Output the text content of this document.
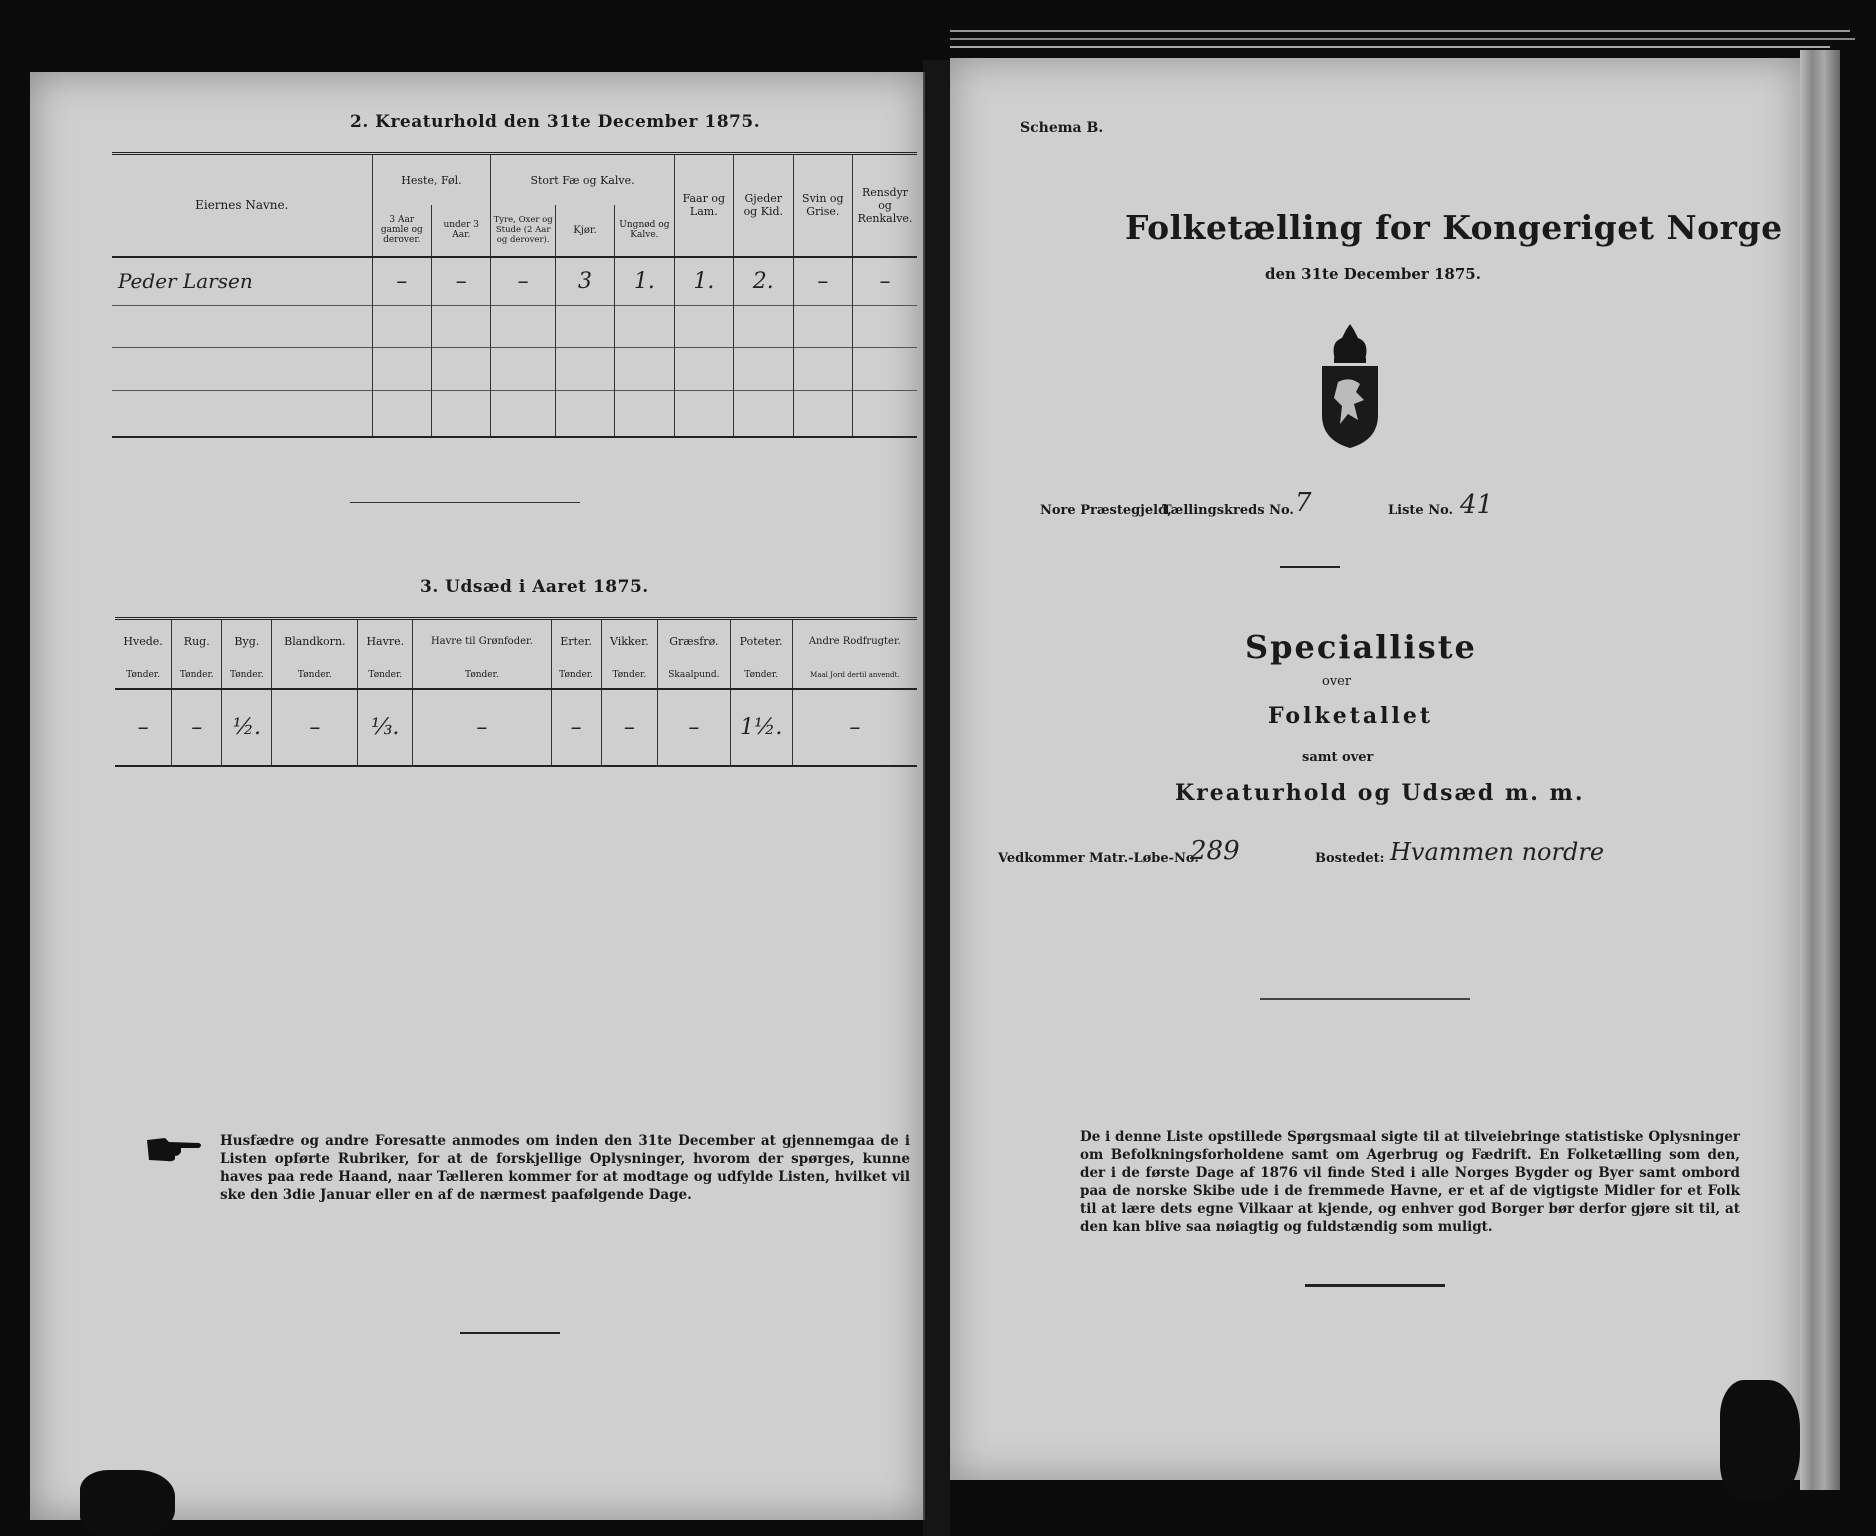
2. Kreaturhold den 31te December 1875.
Eiernes Navne.	Heste, Føl.		Stort Fæ og Kalve.			Faar og Lam.	Gjeder og Kid.	Svin og Grise.	Rensdyr og Renkalve.
	3 Aar gamle og derover.	under 3 Aar.	Tyre, Oxer og Stude (2 Aar og derover).	Kjør.	Ungnød og Kalve.				
Peder Larsen	–	–	–	3	1.	1.	2.	–	–

3. Udsæd i Aaret 1875.
Hvede.	Rug.	Byg.	Blandkorn.	Havre.	Havre til Grønfoder.	Erter.	Vikker.	Græsfrø.	Poteter.	Andre Rodfrugter.
Tønder.	Tønder.	Tønder.	Tønder.	Tønder.	Tønder.	Tønder.	Tønder.	Skaalpund.	Tønder.	Maal Jord dertil anvendt.
–	–	½.	–	⅓.	–	–	–	–	1½.	–
Husfædre og andre Foresatte anmodes om inden den 31te December at gjennemgaa de i Listen opførte Rubriker, for at de forskjellige Oplysninger, hvorom der spørges, kunne haves paa rede Haand, naar Tælleren kommer for at modtage og udfylde Listen, hvilket vil ske den 3die Januar eller en af de nærmest paafølgende Dage.
Schema B.
Folketælling for Kongeriget Norge
den 31te December 1875.
Nore Præstegjeld,
Tællingskreds No. 7	Liste No. 41
Specialliste
over
Folketallet
samt over
Kreaturhold og Udsæd m. m.
Vedkommer Matr.-Løbe-No.
289	Bostedet: Hvammen nordre
De i denne Liste opstillede Spørgsmaal sigte til at tilveiebringe statistiske Oplysninger om Befolkningsforholdene samt om Agerbrug og Fædrift. En Folketælling som den, der i de første Dage af 1876 vil finde Sted i alle Norges Bygder og Byer samt ombord paa de norske Skibe ude i de fremmede Havne, er et af de vigtigste Midler for et Folk til at lære dets egne Vilkaar at kjende, og enhver god Borger bør derfor gjøre sit til, at den kan blive saa nøiagtig og fuldstændig som muligt.
